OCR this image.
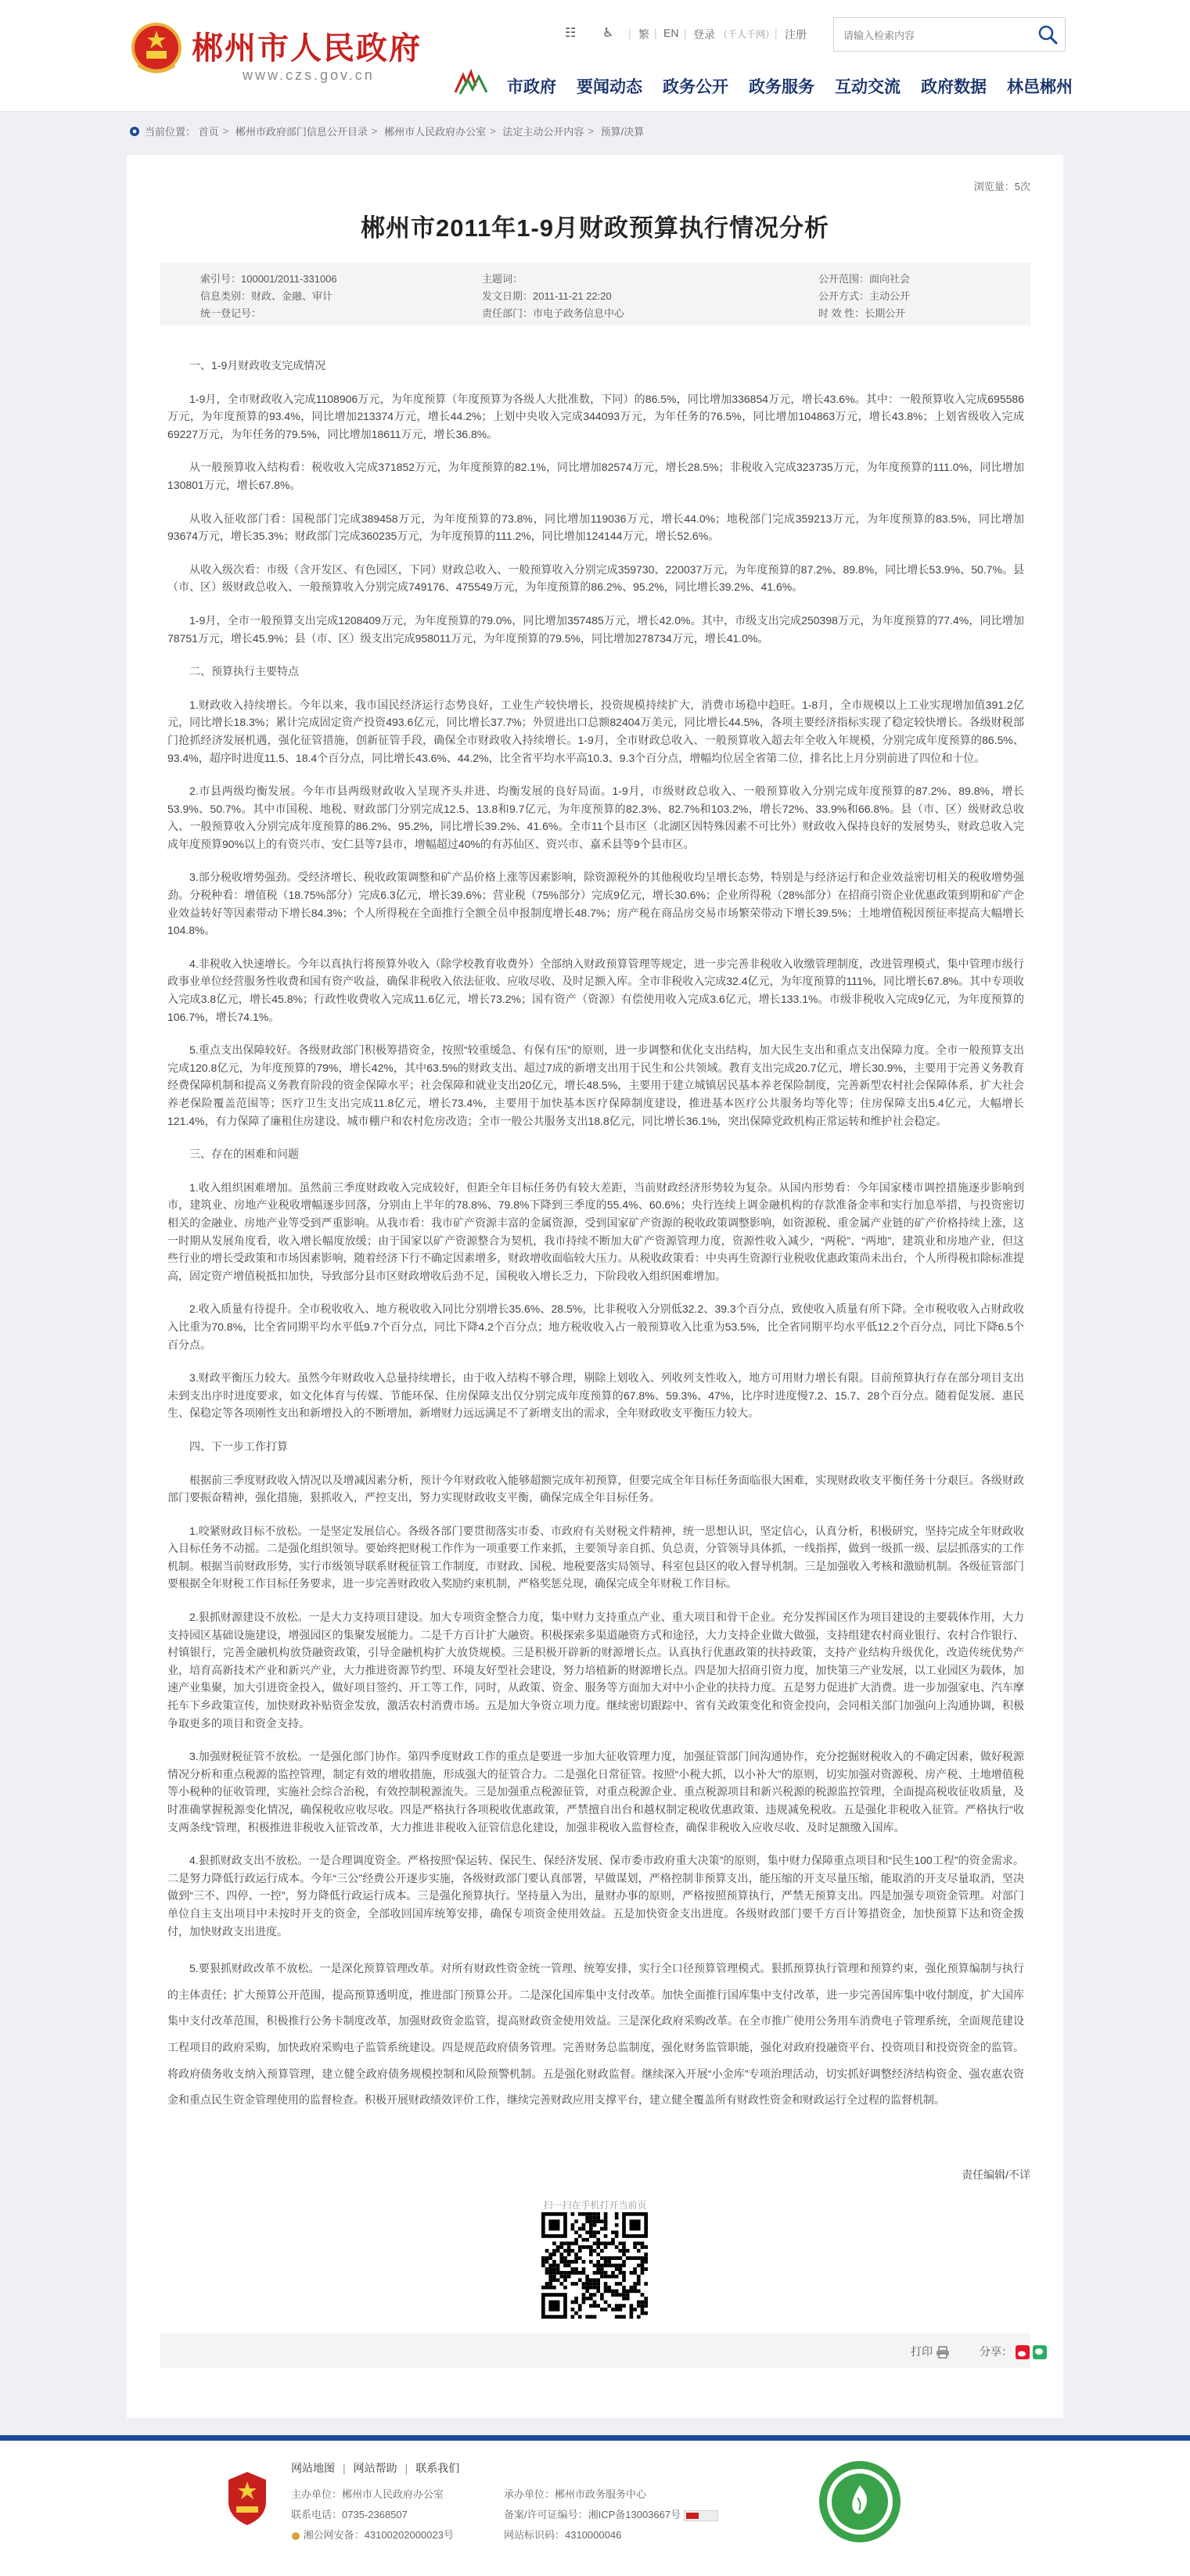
郴州市人民政府
www.czs.gov.cn
☷ ♿ | 繁 | EN | 登录 （千人千网） | 注册
请输入检索内容
市政府 要闻动态 政务公开 政务服务 互动交流 政府数据 林邑郴州
当前位置： 首页 > 郴州市政府部门信息公开目录 > 郴州市人民政府办公室 > 法定主动公开内容 > 预算/决算
浏览量：5次
郴州市2011年1-9月财政预算执行情况分析
索引号：100001/2011-331006
信息类别：财政、金融、审计
统一登记号：
主题词：
发文日期：2011-11-21 22:20
责任部门：市电子政务信息中心
公开范围：面向社会
公开方式：主动公开
时 效 性：长期公开

一、1-9月财政收支完成情况

1-9月，全市财政收入完成1108906万元，为年度预算（年度预算为各级人大批准数，下同）的86.5%，同比增加336854万元，增长43.6%。其中：一般预算收入完成695586万元，为年度预算的93.4%，同比增加213374万元，增长44.2%；上划中央收入完成344093万元，为年任务的76.5%，同比增加104863万元，增长43.8%；上划省级收入完成69227万元，为年任务的79.5%，同比增加18611万元，增长36.8%。

从一般预算收入结构看：税收收入完成371852万元，为年度预算的82.1%，同比增加82574万元，增长28.5%；非税收入完成323735万元，为年度预算的111.0%，同比增加130801万元，增长67.8%。

从收入征收部门看：国税部门完成389458万元，为年度预算的73.8%，同比增加119036万元，增长44.0%；地税部门完成359213万元，为年度预算的83.5%，同比增加93674万元，增长35.3%；财政部门完成360235万元，为年度预算的111.2%，同比增加124144万元，增长52.6%。

从收入级次看：市级（含开发区、有色园区，下同）财政总收入、一般预算收入分别完成359730、220037万元，为年度预算的87.2%、89.8%，同比增长53.9%、50.7%。县（市、区）级财政总收入、一般预算收入分别完成749176、475549万元，为年度预算的86.2%、95.2%，同比增长39.2%、41.6%。

1-9月，全市一般预算支出完成1208409万元，为年度预算的79.0%，同比增加357485万元，增长42.0%。其中，市级支出完成250398万元，为年度预算的77.4%，同比增加78751万元，增长45.9%；县（市、区）级支出完成958011万元，为年度预算的79.5%，同比增加278734万元，增长41.0%。

二、预算执行主要特点

1.财政收入持续增长。今年以来，我市国民经济运行态势良好，工业生产较快增长，投资规模持续扩大，消费市场稳中趋旺。1-8月，全市规模以上工业实现增加值391.2亿元，同比增长18.3%；累计完成固定资产投资493.6亿元，同比增长37.7%；外贸进出口总额82404万美元，同比增长44.5%，各项主要经济指标实现了稳定较快增长。各级财税部门抢抓经济发展机遇，强化征管措施，创新征管手段，确保全市财政收入持续增长。1-9月，全市财政总收入、一般预算收入超去年全收入年规模，分别完成年度预算的86.5%、93.4%，超序时进度11.5、18.4个百分点，同比增长43.6%、44.2%，比全省平均水平高10.3、9.3个百分点，增幅均位居全省第二位，排名比上月分别前进了四位和十位。

2.市县两级均衡发展。今年市县两级财政收入呈现齐头并进、均衡发展的良好局面。1-9月，市级财政总收入、一般预算收入分别完成年度预算的87.2%、89.8%，增长53.9%、50.7%。其中市国税、地税、财政部门分别完成12.5、13.8和9.7亿元，为年度预算的82.3%、82.7%和103.2%，增长72%、33.9%和66.8%。县（市、区）级财政总收入、一般预算收入分别完成年度预算的86.2%、95.2%，同比增长39.2%、41.6%。全市11个县市区（北湖区因特殊因素不可比外）财政收入保持良好的发展势头，财政总收入完成年度预算90%以上的有资兴市、安仁县等7县市，增幅超过40%的有苏仙区、资兴市、嘉禾县等9个县市区。

3.部分税收增势强劲。受经济增长、税收政策调整和矿产品价格上涨等因素影响，除资源税外的其他税收均呈增长态势，特别是与经济运行和企业效益密切相关的税收增势强劲。分税种看：增值税（18.75%部分）完成6.3亿元，增长39.6%；营业税（75%部分）完成9亿元，增长30.6%；企业所得税（28%部分）在招商引资企业优惠政策到期和矿产企业效益转好等因素带动下增长84.3%；个人所得税在全面推行全额全员申报制度增长48.7%；房产税在商品房交易市场繁荣带动下增长39.5%；土地增值税因预征率提高大幅增长104.8%。

4.非税收入快速增长。今年以真执行将预算外收入（除学校教育收费外）全部纳入财政预算管理等规定，进一步完善非税收入收缴管理制度，改进管理模式，集中管理市级行政事业单位经营服务性收费和国有资产收益，确保非税收入依法征收、应收尽收、及时足额入库。全市非税收入完成32.4亿元，为年度预算的111%，同比增长67.8%。其中专项收入完成3.8亿元，增长45.8%；行政性收费收入完成11.6亿元，增长73.2%；国有资产（资源）有偿使用收入完成3.6亿元，增长133.1%。市级非税收入完成9亿元，为年度预算的106.7%，增长74.1%。

5.重点支出保障较好。各级财政部门积极筹措资金，按照“较重缓急、有保有压”的原则，进一步调整和优化支出结构，加大民生支出和重点支出保障力度。全市一般预算支出完成120.8亿元，为年度预算的79%，增长42%，其中63.5%的财政支出、超过7成的新增支出用于民生和公共领域。教育支出完成20.7亿元，增长30.9%，主要用于完善义务教育经费保障机制和提高义务教育阶段的资金保障水平；社会保障和就业支出20亿元，增长48.5%，主要用于建立城镇居民基本养老保险制度，完善新型农村社会保障体系，扩大社会养老保险覆盖范围等；医疗卫生支出完成11.8亿元，增长73.4%，主要用于加快基本医疗保障制度建设，推进基本医疗公共服务均等化等；住房保障支出5.4亿元，大幅增长121.4%，有力保障了廉租住房建设、城市棚户和农村危房改造；全市一般公共服务支出18.8亿元，同比增长36.1%，突出保障党政机构正常运转和维护社会稳定。

三、存在的困难和问题

1.收入组织困难增加。虽然前三季度财政收入完成较好，但距全年目标任务仍有较大差距，当前财政经济形势较为复杂。从国内形势看：今年国家楼市调控措施逐步影响到市，建筑业、房地产业税收增幅逐步回落，分别由上半年的78.8%、79.8%下降到三季度的55.4%、60.6%；央行连续上调金融机构的存款准备金率和实行加息举措，与投资密切相关的金融业、房地产业等受到严重影响。从我市看：我市矿产资源丰富的金属资源，受到国家矿产资源的税收政策调整影响，如资源税、重金属产业链的矿产价格持续上涨，这一时期从发展角度看，收入增长幅度放缓；由于国家以矿产资源整合为契机，我市持续不断加大矿产资源管理力度，资源性收入减少，“两税”、“两地”，建筑业和房地产业，但这些行业的增长受政策和市场因素影响，随着经济下行不确定因素增多，财政增收面临较大压力。从税收政策看：中央再生资源行业税收优惠政策尚未出台，个人所得税扣除标准提高，固定资产增值税抵扣加快，导致部分县市区财政增收后劲不足，国税收入增长乏力，下阶段收入组织困难增加。

2.收入质量有待提升。全市税收收入、地方税收收入同比分别增长35.6%、28.5%，比非税收入分别低32.2、39.3个百分点，致使收入质量有所下降。全市税收收入占财政收入比重为70.8%，比全省同期平均水平低9.7个百分点，同比下降4.2个百分点；地方税收收入占一般预算收入比重为53.5%，比全省同期平均水平低12.2个百分点，同比下降6.5个百分点。

3.财政平衡压力较大。虽然今年财政收入总量持续增长，由于收入结构不够合理，剔除上划收入、列收列支性收入，地方可用财力增长有限。目前预算执行存在部分项目支出未到支出序时进度要求，如文化体育与传媒、节能环保、住房保障支出仅分别完成年度预算的67.8%、59.3%、47%，比序时进度慢7.2、15.7、28个百分点。随着促发展、惠民生、保稳定等各项刚性支出和新增投入的不断增加，新增财力远远满足不了新增支出的需求，全年财政收支平衡压力较大。

四、下一步工作打算

根据前三季度财政收入情况以及增减因素分析，预计今年财政收入能够超额完成年初预算，但要完成全年目标任务面临很大困难，实现财政收支平衡任务十分艰巨。各级财政部门要振奋精神，强化措施，狠抓收入，严控支出，努力实现财政收支平衡，确保完成全年目标任务。

1.咬紧财政目标不放松。一是坚定发展信心。各级各部门要贯彻落实市委、市政府有关财税文件精神，统一思想认识，坚定信心，认真分析，积极研究，坚持完成全年财政收入目标任务不动摇。二是强化组织领导。要始终把财税工作作为一项重要工作来抓，主要领导亲自抓、负总责，分管领导具体抓，一线指挥，做到一级抓一级、层层抓落实的工作机制。根据当前财政形势，实行市级领导联系财税征管工作制度，市财政、国税、地税要落实局领导、科室包县区的收入督导机制。三是加强收入考核和激励机制。各级征管部门要根据全年财税工作目标任务要求，进一步完善财政收入奖励约束机制，严格奖惩兑现，确保完成全年财税工作目标。

2.狠抓财源建设不放松。一是大力支持项目建设。加大专项资金整合力度，集中财力支持重点产业、重大项目和骨干企业。充分发挥国区作为项目建设的主要载体作用，大力支持园区基础设施建设，增强园区的集聚发展能力。二是千方百计扩大融资。积极探索多渠道融资方式和途径，大力支持企业做大做强，支持组建农村商业银行、农村合作银行、村镇银行，完善金融机构放贷融资政策，引导金融机构扩大放贷规模。三是积极开辟新的财源增长点。认真执行优惠政策的扶持政策，支持产业结构升级优化，改造传统优势产业，培育高新技术产业和新兴产业，大力推进资源节约型、环境友好型社会建设，努力培植新的财源增长点。四是加大招商引资力度，加快第三产业发展，以工业园区为载体，加速产业集聚，加大引进资金投入，做好项目签约、开工等工作，同时，从政策、资金、服务等方面加大对中小企业的扶持力度。五是努力促进扩大消费。进一步加强家电、汽车摩托车下乡政策宣传，加快财政补贴资金发放，激活农村消费市场。五是加大争资立项力度。继续密切跟踪中、省有关政策变化和资金投向，会同相关部门加强向上沟通协调，积极争取更多的项目和资金支持。

3.加强财税征管不放松。一是强化部门协作。第四季度财政工作的重点是要进一步加大征收管理力度，加强征管部门间沟通协作，充分挖掘财税收入的不确定因素，做好税源情况分析和重点税源的监控管理，制定有效的增收措施，形成强大的征管合力。二是强化日常征管。按照“小税大抓，以小补大”的原则，切实加强对资源税、房产税、土地增值税等小税种的征收管理，实施社会综合治税，有效控制税源流失。三是加强重点税源征管，对重点税源企业、重点税源项目和新兴税源的税源监控管理，全面提高税收征收质量，及时准确掌握税源变化情况，确保税收应收尽收。四是严格执行各项税收优惠政策，严禁擅自出台和越权制定税收优惠政策、违规减免税收。五是强化非税收入征管。严格执行“收支两条线”管理，积极推进非税收入征管改革，大力推进非税收入征管信息化建设，加强非税收入监督检查，确保非税收入应收尽收、及时足额缴入国库。

4.狠抓财政支出不放松。一是合理调度资金。严格按照“保运转、保民生、保经济发展、保市委市政府重大决策”的原则，集中财力保障重点项目和“民生100工程”的资金需求。二是努力降低行政运行成本。今年“三公”经费公开逐步实施，各级财政部门要认真部署，早做谋划，严格控制非预算支出，能压缩的开支尽量压缩，能取消的开支尽量取消，坚决做到“三不、四停、一控”，努力降低行政运行成本。三是强化预算执行。坚持量入为出，量财办事的原则，严格按照预算执行，严禁无预算支出。四是加强专项资金管理。对部门单位自主支出项目中未按时开支的资金，全部收回国库统筹安排，确保专项资金使用效益。五是加快资金支出进度。各级财政部门要千方百计筹措资金，加快预算下达和资金拨付，加快财政支出进度。

5.要狠抓财政改革不放松。一是深化预算管理改革。对所有财政性资金统一管理、统筹安排，实行全口径预算管理模式。狠抓预算执行管理和预算约束，强化预算编制与执行的主体责任；扩大预算公开范围，提高预算透明度，推进部门预算公开。二是深化国库集中支付改革。加快全面推行国库集中支付改革，进一步完善国库集中收付制度，扩大国库集中支付改革范围，积极推行公务卡制度改革，加强财政资金监管，提高财政资金使用效益。三是深化政府采购改革。在全市推广使用公务用车消费电子管理系统，全面规范建设工程项目的政府采购，加快政府采购电子监管系统建设。四是规范政府债务管理。完善财务总监制度，强化财务监管职能，强化对政府投融资平台、投资项目和投资资金的监管。将政府债务收支纳入预算管理，建立健全政府债务规模控制和风险预警机制。五是强化财政监督。继续深入开展“小金库”专项治理活动，切实抓好调整经济结构资金、强农惠农资金和重点民生资金管理使用的监督检查。积极开展财政绩效评价工作，继续完善财政应用支撑平台，建立健全覆盖所有财政性资金和财政运行全过程的监督机制。

责任编辑/不详
扫一扫在手机打开当前页
打印	分享：
网站地图 | 网站帮助 | 联系我们
主办单位：郴州市人民政府办公室
联系电话：0735-2368507
湘公网安备：43100202000023号
承办单位：郴州市政务服务中心
备案/许可证编号：湘ICP备13003667号
网站标识码：4310000046
